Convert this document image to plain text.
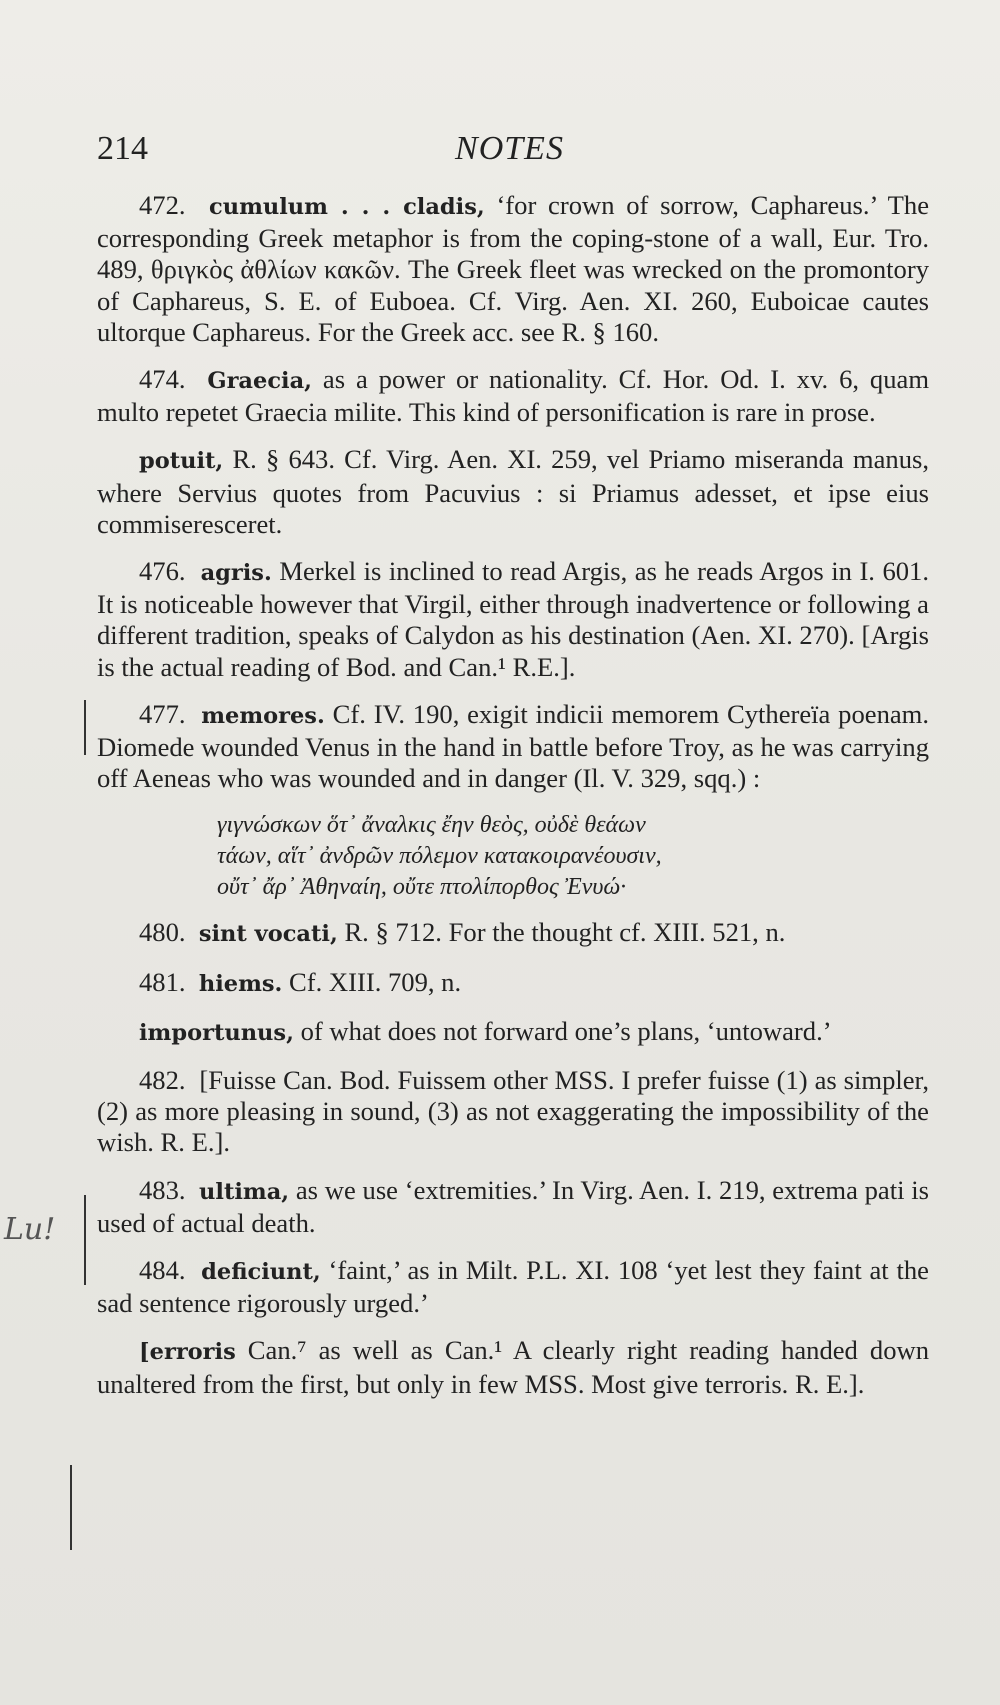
214	NOTES

472. cumulum . . . cladis, ‘for crown of sorrow, Caphareus.’ The corresponding Greek metaphor is from the coping-stone of a wall, Eur. Tro. 489, θριγκὸς ἀθλίων κακῶν. The Greek fleet was wrecked on the promontory of Caphareus, S. E. of Euboea. Cf. Virg. Aen. XI. 260, Euboicae cautes ultorque Caphareus. For the Greek acc. see R. § 160.

474. Graecia, as a power or nationality. Cf. Hor. Od. I. xv. 6, quam multo repetet Graecia milite. This kind of personification is rare in prose.

potuit, R. § 643. Cf. Virg. Aen. XI. 259, vel Priamo miseranda manus, where Servius quotes from Pacuvius : si Priamus adesset, et ipse eius commiseresceret.

476. agris. Merkel is inclined to read Argis, as he reads Argos in I. 601. It is noticeable however that Virgil, either through inadvertence or following a different tradition, speaks of Calydon as his destination (Aen. XI. 270). [Argis is the actual reading of Bod. and Can.¹ R.E.].

477. memores. Cf. IV. 190, exigit indicii memorem Cythereïa poenam. Diomede wounded Venus in the hand in battle before Troy, as he was carrying off Aeneas who was wounded and in danger (Il. V. 329, sqq.) :

γιγνώσκων ὅτ᾽ ἄναλκις ἔην θεὸς, οὐδὲ θεάων
τάων, αἵτ᾽ ἀνδρῶν πόλεμον κατακοιρανέουσιν,
οὔτ᾽ ἄρ᾽ Ἀθηναίη, οὔτε πτολίπορθος Ἐνυώ·

480. sint vocati, R. § 712. For the thought cf. XIII. 521, n.

481. hiems. Cf. XIII. 709, n.

importunus, of what does not forward one’s plans, ‘untoward.’

482. [Fuisse Can. Bod. Fuissem other MSS. I prefer fuisse (1) as simpler, (2) as more pleasing in sound, (3) as not exaggerating the impossibility of the wish. R. E.].

483. ultima, as we use ‘extremities.’ In Virg. Aen. I. 219, extrema pati is used of actual death.

484. deficiunt, ‘faint,’ as in Milt. P.L. XI. 108 ‘yet lest they faint at the sad sentence rigorously urged.’

[erroris Can.⁷ as well as Can.¹ A clearly right reading handed down unaltered from the first, but only in few MSS. Most give terroris. R. E.].

Lu!
